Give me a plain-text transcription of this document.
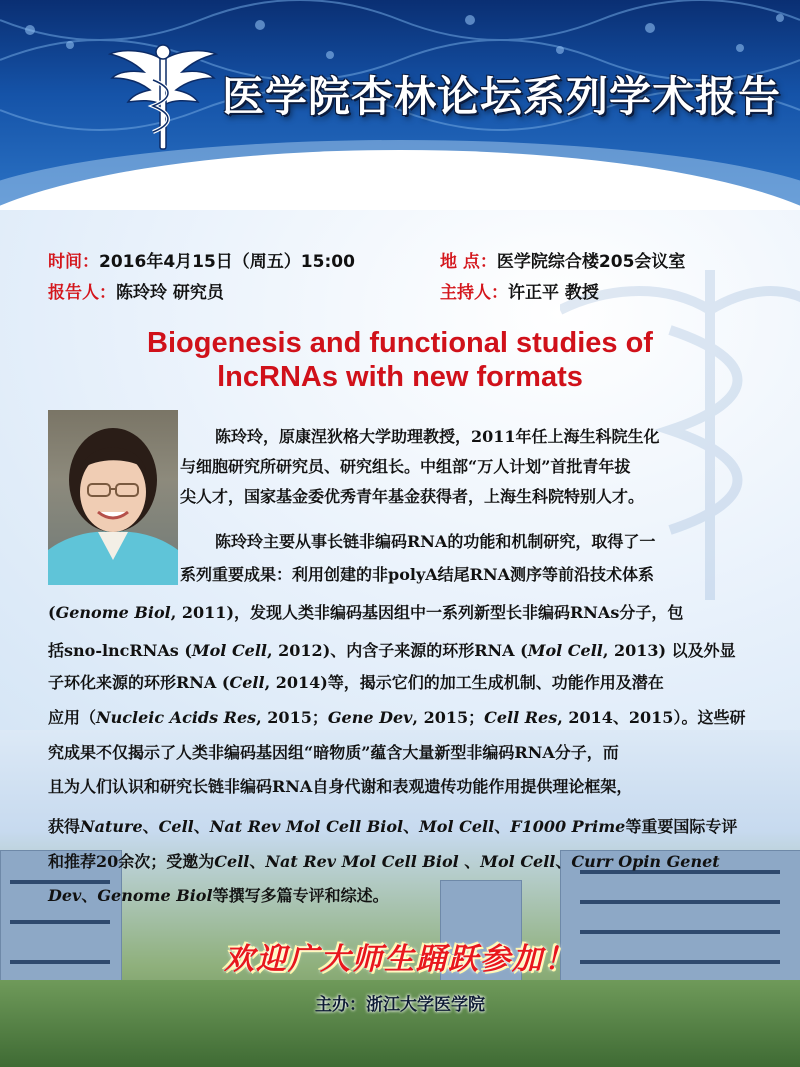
医学院杏林论坛系列学术报告
时间：2016年4月15日（周五）15:00	地 点：医学院综合楼205会议室
报告人：陈玲玲 研究员	主持人：许正平 教授
Biogenesis and functional studies of
lncRNAs with new formats
陈玲玲，原康涅狄格大学助理教授，2011年任上海生科院生化
与细胞研究所研究员、研究组长。中组部“万人计划”首批青年拔
尖人才，国家基金委优秀青年基金获得者，上海生科院特别人才。
陈玲玲主要从事长链非编码RNA的功能和机制研究，取得了一
系列重要成果：利用创建的非polyA结尾RNA测序等前沿技术体系
(Genome Biol, 2011)，发现人类非编码基因组中一系列新型长非编码RNAs分子，包
括sno-lncRNAs (Mol Cell, 2012)、内含子来源的环形RNA (Mol Cell, 2013) 以及外显
子环化来源的环形RNA (Cell, 2014)等，揭示它们的加工生成机制、功能作用及潜在
应用（Nucleic Acids Res, 2015；Gene Dev, 2015；Cell Res, 2014、2015）。这些研
究成果不仅揭示了人类非编码基因组“暗物质”蕴含大量新型非编码RNA分子，而
且为人们认识和研究长链非编码RNA自身代谢和表观遗传功能作用提供理论框架，
获得Nature、Cell、Nat Rev Mol Cell Biol、Mol Cell、F1000 Prime等重要国际专评
和推荐20余次；受邀为Cell、Nat Rev Mol Cell Biol 、Mol Cell、Curr Opin Genet
Dev、Genome Biol等撰写多篇专评和综述。
欢迎广大师生踊跃参加！
主办：浙江大学医学院
